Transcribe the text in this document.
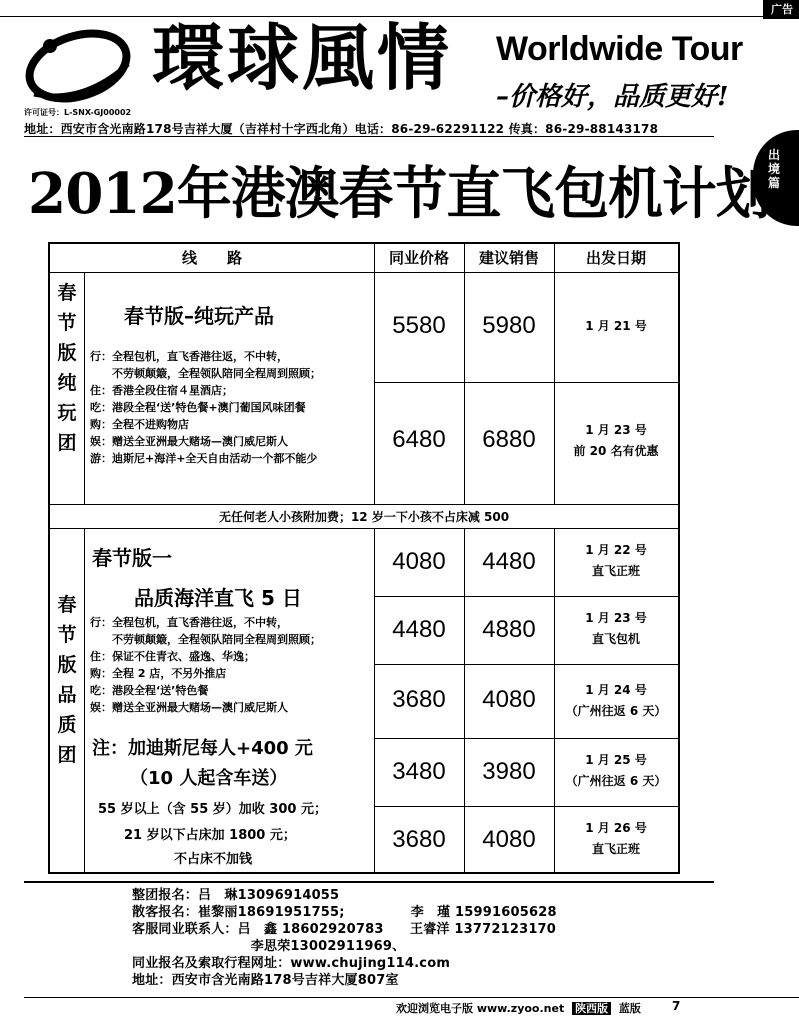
广告
環球風情 Worldwide Tour
–价格好，品质更好!
许可证号：L-SNX-GJ00002
地址：西安市含光南路178号吉祥大厦（吉祥村十字西北角）电话：86-29-62291122 传真：86-29-88143178
出境篇
2012年港澳春节直飞包机计划
线　　路	同业价格	建议销售	出发日期
春节版纯玩团
春节版–纯玩产品
行：全程包机，直飞香港往返，不中转，
　　不劳顿颠簸，全程领队陪同全程周到照顾；
住：香港全段住宿４星酒店；
吃：港段全程‘送’特色餐+澳门葡国风味团餐
购：全程不进购物店
娱：赠送全亚洲最大赌场—澳门威尼斯人
游：迪斯尼+海洋+全天自由活动一个都不能少
5580	5980	1 月 21 号
6480	6880	1 月 23 号
前 20 名有优惠
无任何老人小孩附加费；12 岁一下小孩不占床减 500
春节版品质团
春节版一
品质海洋直飞 5 日
行：全程包机，直飞香港往返，不中转，
　　不劳顿颠簸，全程领队陪同全程周到照顾；
住：保证不住青衣、盛逸、华逸；
购：全程 2 店，不另外推店
吃：港段全程‘送’特色餐
娱：赠送全亚洲最大赌场—澳门威尼斯人
注：加迪斯尼每人+400 元
（10 人起含车送）
55 岁以上（含 55 岁）加收 300 元；
21 岁以下占床加 1800 元；
不占床不加钱
4080	4480	1 月 22 号
直飞正班
4480	4880	1 月 23 号
直飞包机
3680	4080	1 月 24 号
（广州往返 6 天）
3480	3980	1 月 25 号
（广州往返 6 天）
3680	4080	1 月 26 号
直飞正班
整团报名：吕　琳13096914055
散客报名：崔黎丽18691951755;　　　　　李　瑾 15991605628
客服同业联系人：吕　鑫 18602920783　　王睿洋 13772123170
　　　　　　　　　李思荣13002911969、
同业报名及索取行程网址：www.chujing114.com
地址：西安市含光南路178号吉祥大厦807室
欢迎浏览电子版 www.zyoo.net 陕西版 蓝版	7
